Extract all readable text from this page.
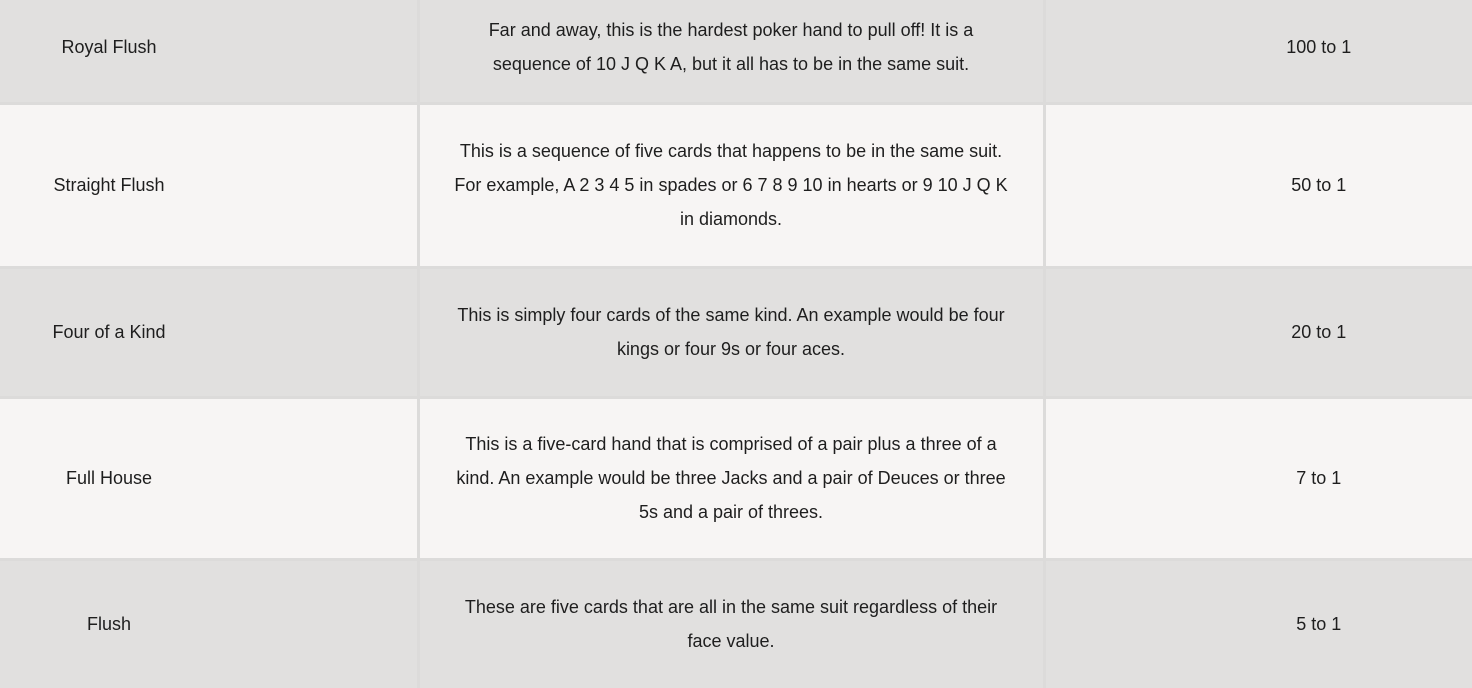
Royal Flush	Far and away, this is the hardest poker hand to pull off! It is a sequence of 10 J Q K A, but it all has to be in the same suit.	100 to 1

Straight Flush	This is a sequence of five cards that happens to be in the same suit. For example, A 2 3 4 5 in spades or 6 7 8 9 10 in hearts or 9 10 J Q K in diamonds.	50 to 1

Four of a Kind	This is simply four cards of the same kind. An example would be four kings or four 9s or four aces.	20 to 1

Full House	This is a five-card hand that is comprised of a pair plus a three of a kind. An example would be three Jacks and a pair of Deuces or three 5s and a pair of threes.	7 to 1

Flush	These are five cards that are all in the same suit regardless of their face value.	5 to 1
